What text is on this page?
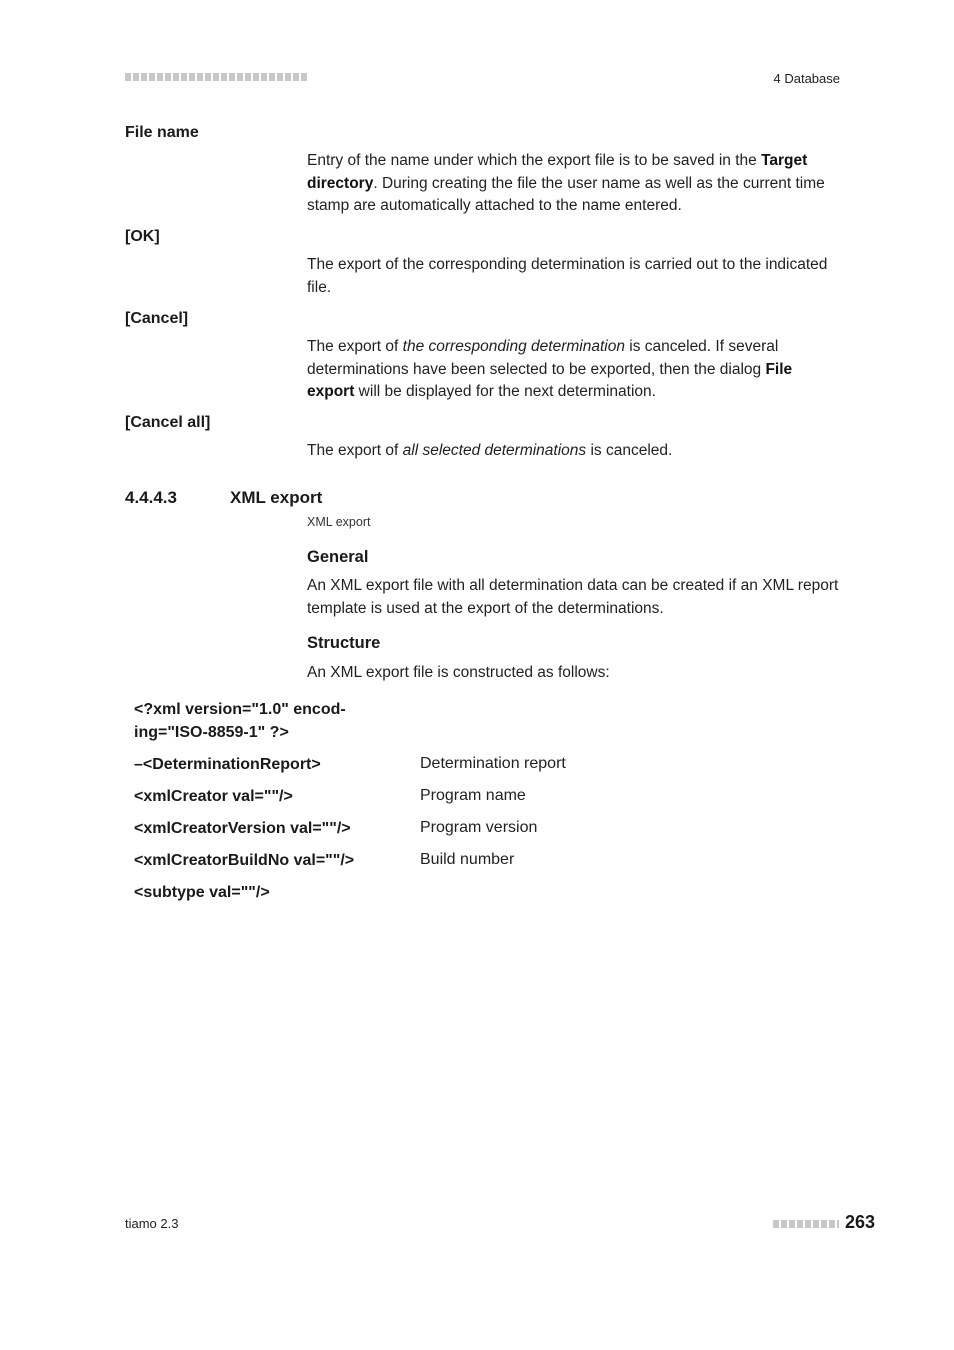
4 Database
File name
Entry of the name under which the export file is to be saved in the Target directory. During creating the file the user name as well as the current time stamp are automatically attached to the name entered.
[OK]
The export of the corresponding determination is carried out to the indicated file.
[Cancel]
The export of the corresponding determination is canceled. If several determinations have been selected to be exported, then the dialog File export will be displayed for the next determination.
[Cancel all]
The export of all selected determinations is canceled.
4.4.4.3	XML export
XML export
General
An XML export file with all determination data can be created if an XML report template is used at the export of the determinations.
Structure
An XML export file is constructed as follows:
<?xml version="1.0" encod-
ing="ISO-8859-1" ?>
–<DeterminationReport>	Determination report
<xmlCreator val=""/>	Program name
<xmlCreatorVersion val=""/>	Program version
<xmlCreatorBuildNo val=""/>	Build number
<subtype val=""/>
tiamo 2.3	263
